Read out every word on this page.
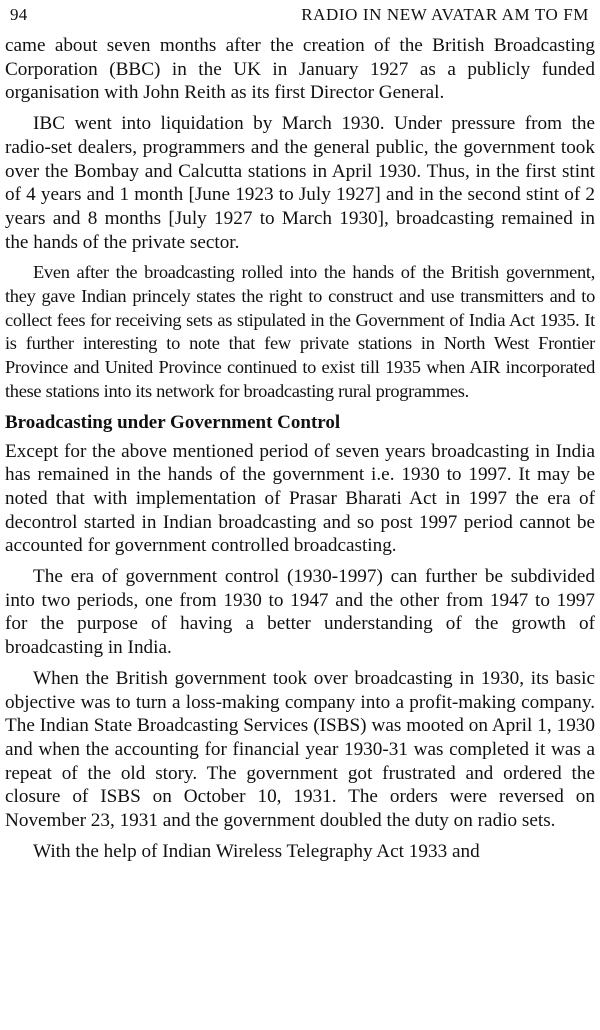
94	RADIO IN NEW AVATAR AM TO FM

came about seven months after the creation of the British Broadcasting Corporation (BBC) in the UK in January 1927 as a publicly funded organisation with John Reith as its first Director General.

IBC went into liquidation by March 1930. Under pressure from the radio-set dealers, programmers and the general public, the government took over the Bombay and Calcutta stations in April 1930. Thus, in the first stint of 4 years and 1 month [June 1923 to July 1927] and in the second stint of 2 years and 8 months [July 1927 to March 1930], broadcasting remained in the hands of the private sector.

Even after the broadcasting rolled into the hands of the British government, they gave Indian princely states the right to construct and use transmitters and to collect fees for receiving sets as stipulated in the Government of India Act 1935. It is further interesting to note that few private stations in North West Frontier Province and United Province continued to exist till 1935 when AIR incorporated these stations into its network for broadcasting rural programmes.

Broadcasting under Government Control

Except for the above mentioned period of seven years broadcasting in India has remained in the hands of the government i.e. 1930 to 1997. It may be noted that with implementation of Prasar Bharati Act in 1997 the era of decontrol started in Indian broadcasting and so post 1997 period cannot be accounted for government controlled broadcasting.

The era of government control (1930-1997) can further be subdivided into two periods, one from 1930 to 1947 and the other from 1947 to 1997 for the purpose of having a better understanding of the growth of broadcasting in India.

When the British government took over broadcasting in 1930, its basic objective was to turn a loss-making company into a profit-making company. The Indian State Broadcasting Services (ISBS) was mooted on April 1, 1930 and when the accounting for financial year 1930-31 was completed it was a repeat of the old story. The government got frustrated and ordered the closure of ISBS on October 10, 1931. The orders were reversed on November 23, 1931 and the government doubled the duty on radio sets.

With the help of Indian Wireless Telegraphy Act 1933 and
